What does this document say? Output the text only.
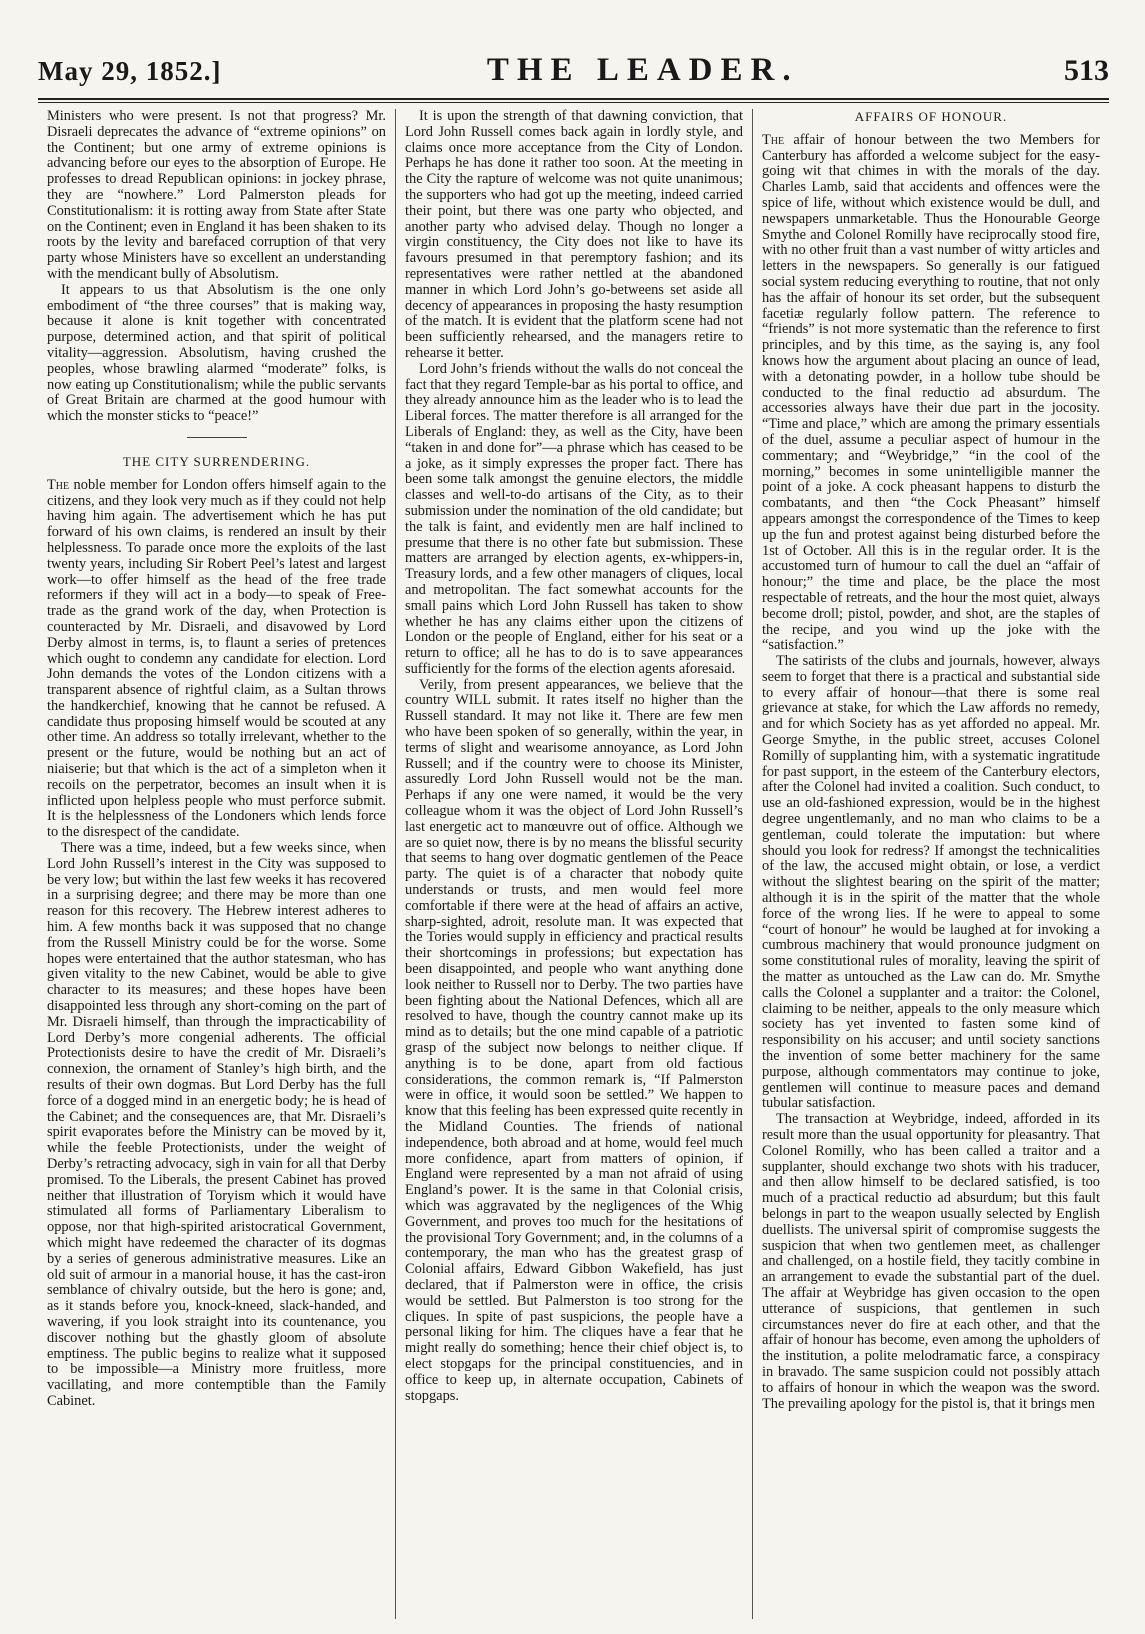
May 29, 1852.]	THE LEADER.	513

Ministers who were present. Is not that progress? Mr. Disraeli deprecates the advance of “extreme opinions” on the Continent; but one army of extreme opinions is advancing before our eyes to the absorption of Europe. He professes to dread Republican opinions: in jockey phrase, they are “nowhere.” Lord Palmerston pleads for Constitutionalism: it is rotting away from State after State on the Continent; even in England it has been shaken to its roots by the levity and barefaced corruption of that very party whose Ministers have so excellent an understanding with the mendicant bully of Absolutism.

It appears to us that Absolutism is the one only embodiment of “the three courses” that is making way, because it alone is knit together with concentrated purpose, determined action, and that spirit of political vitality—aggression. Absolutism, having crushed the peoples, whose brawling alarmed “moderate” folks, is now eating up Constitutionalism; while the public servants of Great Britain are charmed at the good humour with which the monster sticks to “peace!”

THE CITY SURRENDERING.

The noble member for London offers himself again to the citizens, and they look very much as if they could not help having him again. The advertisement which he has put forward of his own claims, is rendered an insult by their helplessness. To parade once more the exploits of the last twenty years, including Sir Robert Peel’s latest and largest work—to offer himself as the head of the free trade reformers if they will act in a body—to speak of Free-trade as the grand work of the day, when Protection is counteracted by Mr. Disraeli, and disavowed by Lord Derby almost in terms, is, to flaunt a series of pretences which ought to condemn any candidate for election. Lord John demands the votes of the London citizens with a transparent absence of rightful claim, as a Sultan throws the handkerchief, knowing that he cannot be refused. A candidate thus proposing himself would be scouted at any other time. An address so totally irrelevant, whether to the present or the future, would be nothing but an act of niaiserie; but that which is the act of a simpleton when it recoils on the perpetrator, becomes an insult when it is inflicted upon helpless people who must perforce submit. It is the helplessness of the Londoners which lends force to the disrespect of the candidate.

There was a time, indeed, but a few weeks since, when Lord John Russell’s interest in the City was supposed to be very low; but within the last few weeks it has recovered in a surprising degree; and there may be more than one reason for this recovery. The Hebrew interest adheres to him. A few months back it was supposed that no change from the Russell Ministry could be for the worse. Some hopes were entertained that the author statesman, who has given vitality to the new Cabinet, would be able to give character to its measures; and these hopes have been disappointed less through any short-coming on the part of Mr. Disraeli himself, than through the impracticability of Lord Derby’s more congenial adherents. The official Protectionists desire to have the credit of Mr. Disraeli’s connexion, the ornament of Stanley’s high birth, and the results of their own dogmas. But Lord Derby has the full force of a dogged mind in an energetic body; he is head of the Cabinet; and the consequences are, that Mr. Disraeli’s spirit evaporates before the Ministry can be moved by it, while the feeble Protectionists, under the weight of Derby’s retracting advocacy, sigh in vain for all that Derby promised. To the Liberals, the present Cabinet has proved neither that illustration of Toryism which it would have stimulated all forms of Parliamentary Liberalism to oppose, nor that high-spirited aristocratical Government, which might have redeemed the character of its dogmas by a series of generous administrative measures. Like an old suit of armour in a manorial house, it has the cast-iron semblance of chivalry outside, but the hero is gone; and, as it stands before you, knock-kneed, slack-handed, and wavering, if you look straight into its countenance, you discover nothing but the ghastly gloom of absolute emptiness. The public begins to realize what it supposed to be impossible—a Ministry more fruitless, more vacillating, and more contemptible than the Family Cabinet.

It is upon the strength of that dawning conviction, that Lord John Russell comes back again in lordly style, and claims once more acceptance from the City of London. Perhaps he has done it rather too soon. At the meeting in the City the rapture of welcome was not quite unanimous; the supporters who had got up the meeting, indeed carried their point, but there was one party who objected, and another party who advised delay. Though no longer a virgin constituency, the City does not like to have its favours presumed in that peremptory fashion; and its representatives were rather nettled at the abandoned manner in which Lord John’s go-betweens set aside all decency of appearances in proposing the hasty resumption of the match. It is evident that the platform scene had not been sufficiently rehearsed, and the managers retire to rehearse it better.

Lord John’s friends without the walls do not conceal the fact that they regard Temple-bar as his portal to office, and they already announce him as the leader who is to lead the Liberal forces. The matter therefore is all arranged for the Liberals of England: they, as well as the City, have been “taken in and done for”—a phrase which has ceased to be a joke, as it simply expresses the proper fact. There has been some talk amongst the genuine electors, the middle classes and well-to-do artisans of the City, as to their submission under the nomination of the old candidate; but the talk is faint, and evidently men are half inclined to presume that there is no other fate but submission. These matters are arranged by election agents, ex-whippers-in, Treasury lords, and a few other managers of cliques, local and metropolitan. The fact somewhat accounts for the small pains which Lord John Russell has taken to show whether he has any claims either upon the citizens of London or the people of England, either for his seat or a return to office; all he has to do is to save appearances sufficiently for the forms of the election agents aforesaid.

Verily, from present appearances, we believe that the country WILL submit. It rates itself no higher than the Russell standard. It may not like it. There are few men who have been spoken of so generally, within the year, in terms of slight and wearisome annoyance, as Lord John Russell; and if the country were to choose its Minister, assuredly Lord John Russell would not be the man. Perhaps if any one were named, it would be the very colleague whom it was the object of Lord John Russell’s last energetic act to manœuvre out of office. Although we are so quiet now, there is by no means the blissful security that seems to hang over dogmatic gentlemen of the Peace party. The quiet is of a character that nobody quite understands or trusts, and men would feel more comfortable if there were at the head of affairs an active, sharp-sighted, adroit, resolute man. It was expected that the Tories would supply in efficiency and practical results their shortcomings in professions; but expectation has been disappointed, and people who want anything done look neither to Russell nor to Derby. The two parties have been fighting about the National Defences, which all are resolved to have, though the country cannot make up its mind as to details; but the one mind capable of a patriotic grasp of the subject now belongs to neither clique. If anything is to be done, apart from old factious considerations, the common remark is, “If Palmerston were in office, it would soon be settled.” We happen to know that this feeling has been expressed quite recently in the Midland Counties. The friends of national independence, both abroad and at home, would feel much more confidence, apart from matters of opinion, if England were represented by a man not afraid of using England’s power. It is the same in that Colonial crisis, which was aggravated by the negligences of the Whig Government, and proves too much for the hesitations of the provisional Tory Government; and, in the columns of a contemporary, the man who has the greatest grasp of Colonial affairs, Edward Gibbon Wakefield, has just declared, that if Palmerston were in office, the crisis would be settled. But Palmerston is too strong for the cliques. In spite of past suspicions, the people have a personal liking for him. The cliques have a fear that he might really do something; hence their chief object is, to elect stopgaps for the principal constituencies, and in office to keep up, in alternate occupation, Cabinets of stopgaps.

AFFAIRS OF HONOUR.

The affair of honour between the two Members for Canterbury has afforded a welcome subject for the easy-going wit that chimes in with the morals of the day. Charles Lamb, said that accidents and offences were the spice of life, without which existence would be dull, and newspapers unmarketable. Thus the Honourable George Smythe and Colonel Romilly have reciprocally stood fire, with no other fruit than a vast number of witty articles and letters in the newspapers. So generally is our fatigued social system reducing everything to routine, that not only has the affair of honour its set order, but the subsequent facetiæ regularly follow pattern. The reference to “friends” is not more systematic than the reference to first principles, and by this time, as the saying is, any fool knows how the argument about placing an ounce of lead, with a detonating powder, in a hollow tube should be conducted to the final reductio ad absurdum. The accessories always have their due part in the jocosity. “Time and place,” which are among the primary essentials of the duel, assume a peculiar aspect of humour in the commentary; and “Weybridge,” “in the cool of the morning,” becomes in some unintelligible manner the point of a joke. A cock pheasant happens to disturb the combatants, and then “the Cock Pheasant” himself appears amongst the correspondence of the Times to keep up the fun and protest against being disturbed before the 1st of October. All this is in the regular order. It is the accustomed turn of humour to call the duel an “affair of honour;” the time and place, be the place the most respectable of retreats, and the hour the most quiet, always become droll; pistol, powder, and shot, are the staples of the recipe, and you wind up the joke with the “satisfaction.”

The satirists of the clubs and journals, however, always seem to forget that there is a practical and substantial side to every affair of honour—that there is some real grievance at stake, for which the Law affords no remedy, and for which Society has as yet afforded no appeal. Mr. George Smythe, in the public street, accuses Colonel Romilly of supplanting him, with a systematic ingratitude for past support, in the esteem of the Canterbury electors, after the Colonel had invited a coalition. Such conduct, to use an old-fashioned expression, would be in the highest degree ungentlemanly, and no man who claims to be a gentleman, could tolerate the imputation: but where should you look for redress? If amongst the technicalities of the law, the accused might obtain, or lose, a verdict without the slightest bearing on the spirit of the matter; although it is in the spirit of the matter that the whole force of the wrong lies. If he were to appeal to some “court of honour” he would be laughed at for invoking a cumbrous machinery that would pronounce judgment on some constitutional rules of morality, leaving the spirit of the matter as untouched as the Law can do. Mr. Smythe calls the Colonel a supplanter and a traitor: the Colonel, claiming to be neither, appeals to the only measure which society has yet invented to fasten some kind of responsibility on his accuser; and until society sanctions the invention of some better machinery for the same purpose, although commentators may continue to joke, gentlemen will continue to measure paces and demand tubular satisfaction.

The transaction at Weybridge, indeed, afforded in its result more than the usual opportunity for pleasantry. That Colonel Romilly, who has been called a traitor and a supplanter, should exchange two shots with his traducer, and then allow himself to be declared satisfied, is too much of a practical reductio ad absurdum; but this fault belongs in part to the weapon usually selected by English duellists. The universal spirit of compromise suggests the suspicion that when two gentlemen meet, as challenger and challenged, on a hostile field, they tacitly combine in an arrangement to evade the substantial part of the duel. The affair at Weybridge has given occasion to the open utterance of suspicions, that gentlemen in such circumstances never do fire at each other, and that the affair of honour has become, even among the upholders of the institution, a polite melodramatic farce, a conspiracy in bravado. The same suspicion could not possibly attach to affairs of honour in which the weapon was the sword. The prevailing apology for the pistol is, that it brings men
